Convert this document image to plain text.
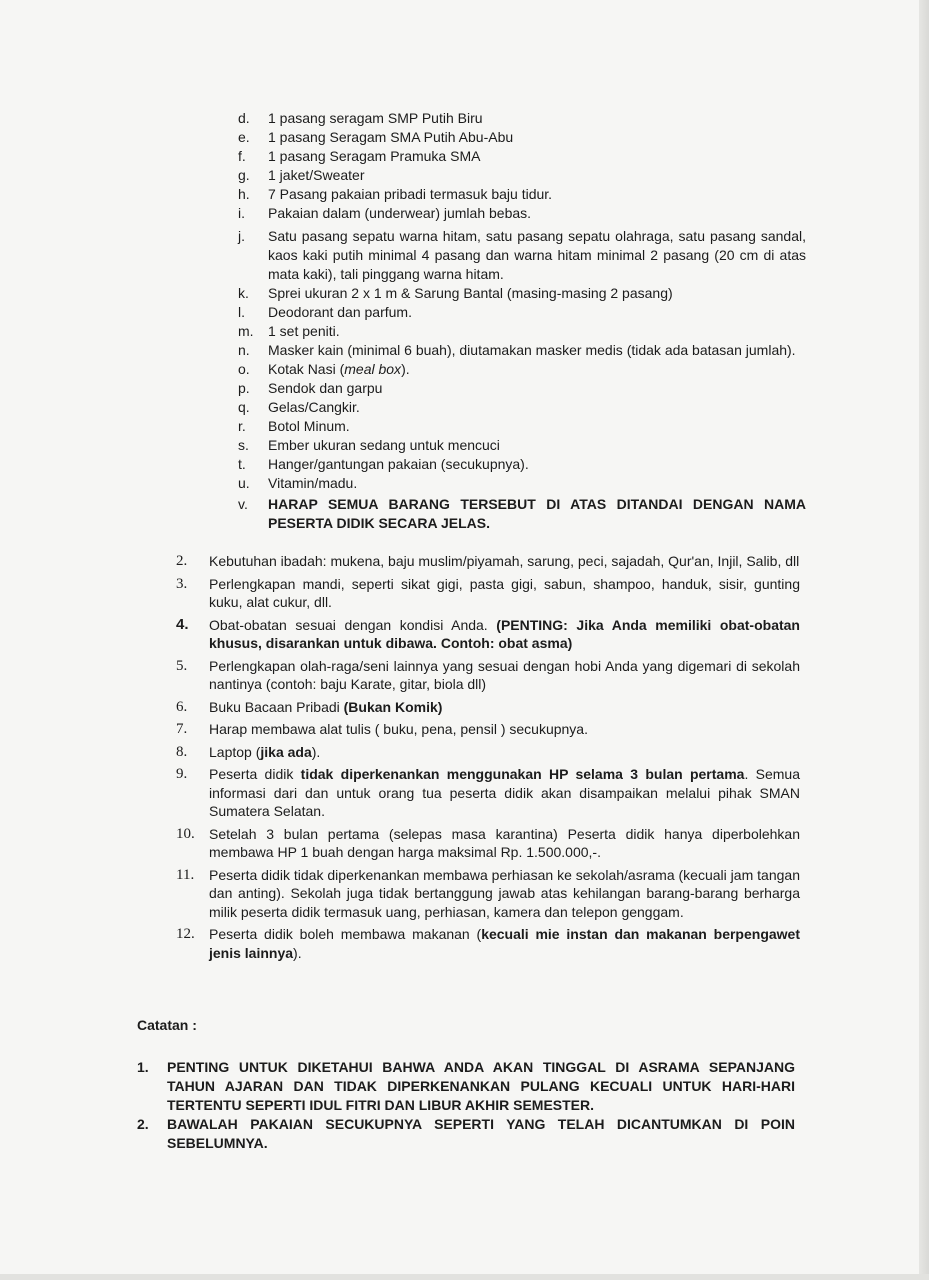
d.	1 pasang seragam SMP Putih Biru
e.	1 pasang Seragam SMA Putih Abu-Abu
f.	1 pasang Seragam Pramuka SMA
g.	1 jaket/Sweater
h.	7 Pasang pakaian pribadi termasuk baju tidur.
i.	Pakaian dalam (underwear) jumlah bebas.
j.	Satu pasang sepatu warna hitam, satu pasang sepatu olahraga, satu pasang sandal, kaos kaki putih minimal 4 pasang dan warna hitam minimal 2 pasang (20 cm di atas mata kaki), tali pinggang warna hitam.
k.	Sprei ukuran 2 x 1 m & Sarung Bantal (masing-masing 2 pasang)
l.	Deodorant dan parfum.
m.	1 set peniti.
n.	Masker kain (minimal 6 buah), diutamakan masker medis (tidak ada batasan jumlah).
o.	Kotak Nasi (meal box).
p.	Sendok dan garpu
q.	Gelas/Cangkir.
r.	Botol Minum.
s.	Ember ukuran sedang untuk mencuci
t.	Hanger/gantungan pakaian (secukupnya).
u.	Vitamin/madu.
v.	HARAP SEMUA BARANG TERSEBUT DI ATAS DITANDAI DENGAN NAMA PESERTA DIDIK SECARA JELAS.
2.	Kebutuhan ibadah: mukena, baju muslim/piyamah, sarung, peci, sajadah, Qur'an, Injil, Salib, dll
3.	Perlengkapan mandi, seperti sikat gigi, pasta gigi, sabun, shampoo, handuk, sisir, gunting kuku, alat cukur, dll.
4.	Obat-obatan sesuai dengan kondisi Anda. (PENTING: Jika Anda memiliki obat-obatan khusus, disarankan untuk dibawa. Contoh: obat asma)
5.	Perlengkapan olah-raga/seni lainnya yang sesuai dengan hobi Anda yang digemari di sekolah nantinya (contoh: baju Karate, gitar, biola dll)
6.	Buku Bacaan Pribadi (Bukan Komik)
7.	Harap membawa alat tulis ( buku, pena, pensil ) secukupnya.
8.	Laptop (jika ada).
9.	Peserta didik tidak diperkenankan menggunakan HP selama 3 bulan pertama. Semua informasi dari dan untuk orang tua peserta didik akan disampaikan melalui pihak SMAN Sumatera Selatan.
10.	Setelah 3 bulan pertama (selepas masa karantina) Peserta didik hanya diperbolehkan membawa HP 1 buah dengan harga maksimal Rp. 1.500.000,-.
11.	Peserta didik tidak diperkenankan membawa perhiasan ke sekolah/asrama (kecuali jam tangan dan anting). Sekolah juga tidak bertanggung jawab atas kehilangan barang-barang berharga milik peserta didik termasuk uang, perhiasan, kamera dan telepon genggam.
12.	Peserta didik boleh membawa makanan (kecuali mie instan dan makanan berpengawet jenis lainnya).
Catatan :
1.	PENTING UNTUK DIKETAHUI BAHWA ANDA AKAN TINGGAL DI ASRAMA SEPANJANG TAHUN AJARAN DAN TIDAK DIPERKENANKAN PULANG KECUALI UNTUK HARI-HARI TERTENTU SEPERTI IDUL FITRI DAN LIBUR AKHIR SEMESTER.
2.	BAWALAH PAKAIAN SECUKUPNYA SEPERTI YANG TELAH DICANTUMKAN DI POIN SEBELUMNYA.
